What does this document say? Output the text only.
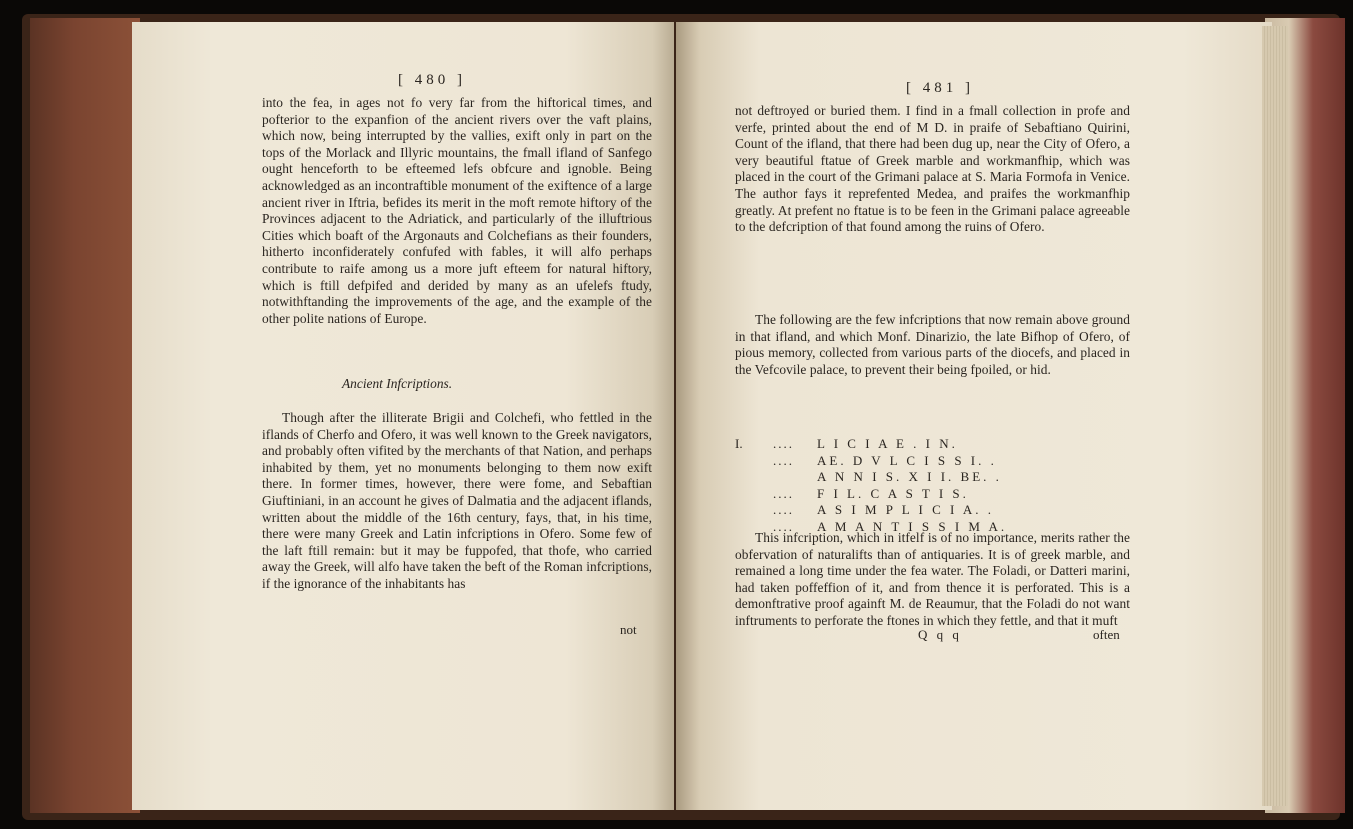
[ 480 ]

into the fea, in ages not fo very far from the hiftorical times, and pofterior to the expanfion of the ancient rivers over the vaft plains, which now, being interrupted by the vallies, exift only in part on the tops of the Morlack and Illyric mountains, the fmall ifland of Sanfego ought henceforth to be efteemed lefs obfcure and ignoble. Being acknowledged as an incontraftible monument of the exiftence of a large ancient river in Iftria, befides its merit in the moft remote hiftory of the Provinces adjacent to the Adriatick, and particularly of the illuftrious Cities which boaft of the Argonauts and Colchefians as their founders, hitherto inconfiderately confufed with fables, it will alfo perhaps contribute to raife among us a more juft efteem for natural hiftory, which is ftill defpifed and derided by many as an ufelefs ftudy, notwithftanding the improvements of the age, and the example of the other polite nations of Europe.

Ancient Infcriptions.

Though after the illiterate Brigii and Colchefi, who fettled in the iflands of Cherfo and Ofero, it was well known to the Greek navigators, and probably often vifited by the merchants of that Nation, and perhaps inhabited by them, yet no monuments belonging to them now exift there. In former times, however, there were fome, and Sebaftian Giuftiniani, in an account he gives of Dalmatia and the adjacent iflands, written about the middle of the 16th century, fays, that, in his time, there were many Greek and Latin infcriptions in Ofero. Some few of the laft ftill remain: but it may be fuppofed, that thofe, who carried away the Greek, will alfo have taken the beft of the Roman infcriptions, if the ignorance of the inhabitants has

not
[ 481 ]

not deftroyed or buried them. I find in a fmall collection in profe and verfe, printed about the end of M D. in praife of Sebaftiano Quirini, Count of the ifland, that there had been dug up, near the City of Ofero, a very beautiful ftatue of Greek marble and workmanfhip, which was placed in the court of the Grimani palace at S. Maria Formofa in Venice. The author fays it reprefented Medea, and praifes the workmanfhip greatly. At prefent no ftatue is to be feen in the Grimani palace agreeable to the defcription of that found among the ruins of Ofero.

The following are the few infcriptions that now remain above ground in that ifland, and which Monf. Dinarizio, the late Bifhop of Ofero, of pious memory, collected from various parts of the diocefs, and placed in the Vefcovile palace, to prevent their being fpoiled, or hid.

I. .... L I C I A E . I N.
.... AE. D V L C I S S I. .
A N N I S. X I I. BE. .
.... F I L. C A S T I S.
.... A S I M P L I C I A. .
.... A M A N T I S S I M A.

This infcription, which in itfelf is of no importance, merits rather the obfervation of naturalifts than of antiquaries. It is of greek marble, and remained a long time under the fea water. The Foladi, or Datteri marini, had taken poffeffion of it, and from thence it is perforated. This is a demonftrative proof againft M. de Reaumur, that the Foladi do not want inftruments to perforate the ftones in which they fettle, and that it muft

Q q q	often
